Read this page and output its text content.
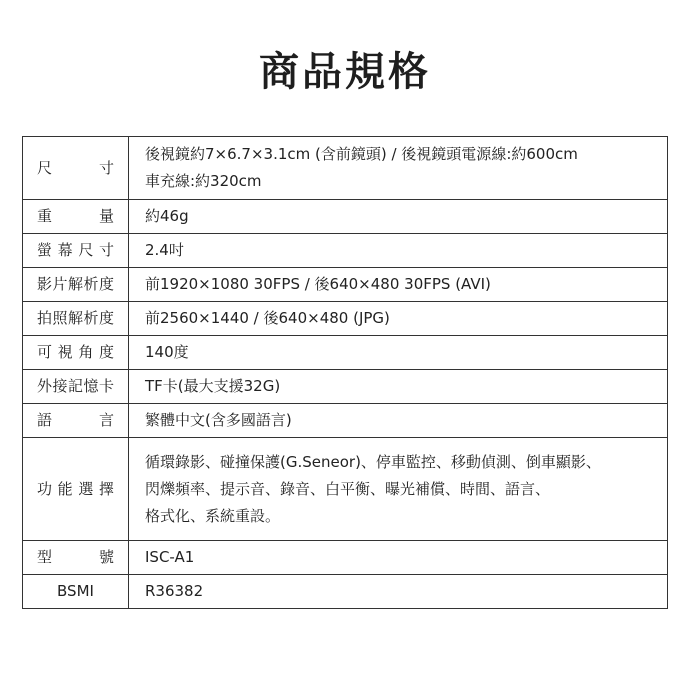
商品規格
尺　寸	後視鏡約7×6.7×3.1cm (含前鏡頭) / 後視鏡頭電源線:約600cm
車充線:約320cm

重　量	約46g

螢幕尺寸	2.4吋

影片解析度	前1920×1080 30FPS / 後640×480 30FPS (AVI)

拍照解析度	前2560×1440 / 後640×480 (JPG)

可視角度	140度

外接記憶卡	TF卡(最大支援32G)

語　言	繁體中文(含多國語言)

功能選擇	循環錄影、碰撞保護(G.Seneor)、停車監控、移動偵測、倒車顯影、
閃爍頻率、提示音、錄音、白平衡、曝光補償、時間、語言、
格式化、系統重設。

型　號	ISC-A1

BSMI	R36382
